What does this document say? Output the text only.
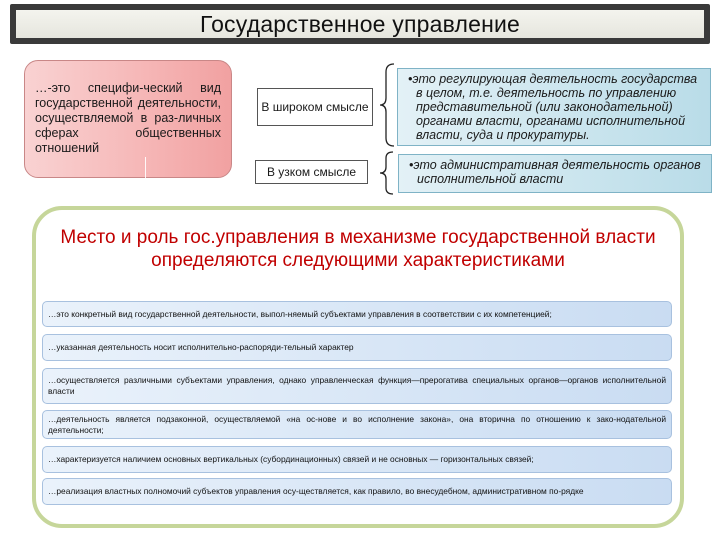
Государственное управление
…-это специфи-ческий вид государственной деятельности, осуществляемой в раз-личных сферах общественных отношений
В широком смысле
В узком смысле
•это регулирующая деятельность государства в целом, т.е. деятельность по управлению представительной (или законодательной) органами власти, органами исполнительной власти, суда и прокуратуры.
•это административная деятельность органов исполнительной власти
Место и роль гос.управления в механизме государственной власти определяются следующими характеристиками
…это конкретный вид государственной деятельности, выпол-няемый субъектами управления в соответствии с их компетенцией;
…указанная деятельность носит исполнительно-распоряди-тельный характер
…осуществляется различными субъектами управления, однако управленческая функция—прерогатива специальных органов—органов исполнительной власти
…деятельность является подзаконной, осуществляемой «на ос-нове и во исполнение закона», она вторична по отношению к зако-нодательной деятельности;
…характеризуется наличием основных вертикальных (субординационных) связей и не основных — горизонтальных связей;
…реализация властных полномочий субъектов управления осу-ществляется, как правило, во внесудебном, административном по-рядке
